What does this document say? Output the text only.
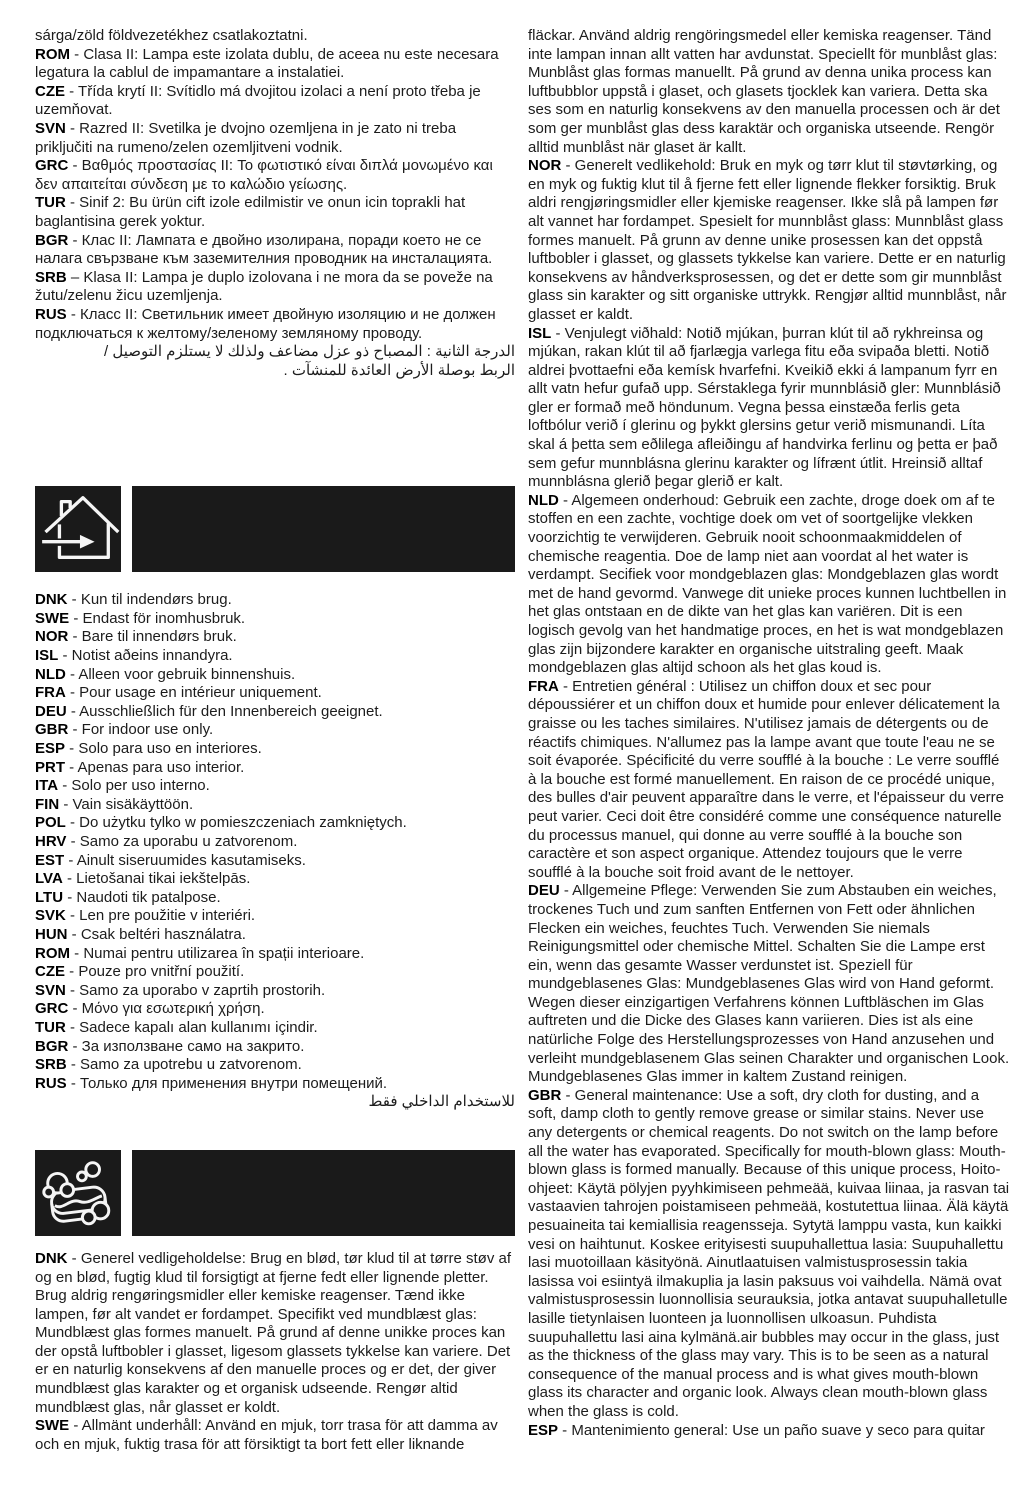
sárga/zöld földvezetékhez csatlakoztatni.

ROM - Clasa II: Lampa este izolata dublu, de aceea nu este necesara legatura la cablul de impamantare a instalatiei.

CZE - Třída krytí II: Svítidlo má dvojitou izolaci a není proto třeba je uzemňovat.

SVN - Razred II: Svetilka je dvojno ozemljena in je zato ni treba priključiti na rumeno/zelen ozemljitveni vodnik.

GRC - Βαθμός προστασίας II: Το φωτιστικό είναι διπλά μονωμένο και δεν απαιτείται σύνδεση με το καλώδιο γείωσης.

TUR - Sinif 2: Bu ürün cift izole edilmistir ve onun icin toprakli hat baglantisina gerek yoktur.

BGR - Клас II: Лампата е двойно изолирана, поради което не се налага свързване към заземителния проводник на инсталацията.

SRB – Klasa II: Lampa je duplo izolovana i ne mora da se poveže na žutu/zelenu žicu uzemljenja.

RUS - Класс II: Светильник имеет двойную изоляцию и не должен подключаться к желтому/зеленому земляному проводу.

الدرجة الثانية : المصباح ذو عزل مضاعف ولذلك لا يستلزم التوصيل /
الربط بوصلة الأرض العائدة للمنشآت .

DNK - Kun til indendørs brug.

SWE - Endast för inomhusbruk.

NOR - Bare til innendørs bruk.

ISL - Notist aðeins innandyra.

NLD - Alleen voor gebruik binnenshuis.

FRA - Pour usage en intérieur uniquement.

DEU - Ausschließlich für den Innenbereich geeignet.

GBR - For indoor use only.

ESP - Solo para uso en interiores.

PRT - Apenas para uso interior.

ITA - Solo per uso interno.

FIN - Vain sisäkäyttöön.

POL - Do użytku tylko w pomieszczeniach zamkniętych.

HRV - Samo za uporabu u zatvorenom.

EST - Ainult siseruumides kasutamiseks.

LVA - Lietošanai tikai iekštelpās.

LTU - Naudoti tik patalpose.

SVK - Len pre použitie v interiéri.

HUN - Csak beltéri használatra.

ROM - Numai pentru utilizarea în spații interioare.

CZE - Pouze pro vnitřní použití.

SVN - Samo za uporabo v zaprtih prostorih.

GRC - Μόνο για εσωτερική χρήση.

TUR - Sadece kapalı alan kullanımı içindir.

BGR - За използване само на закрито.

SRB - Samo za upotrebu u zatvorenom.

RUS - Только для применения внутри помещений.

للاستخدام الداخلي فقط

DNK - Generel vedligeholdelse: Brug en blød, tør klud til at tørre støv af og en blød, fugtig klud til forsigtigt at fjerne fedt eller lignende pletter. Brug aldrig rengøringsmidler eller kemiske reagenser. Tænd ikke lampen, før alt vandet er fordampet. Specifikt ved mundblæst glas: Mundblæst glas formes manuelt. På grund af denne unikke proces kan der opstå luftbobler i glasset, ligesom glassets tykkelse kan variere. Det er en naturlig konsekvens af den manuelle proces og er det, der giver mundblæst glas karakter og et organisk udseende. Rengør altid mundblæst glas, når glasset er koldt.

SWE - Allmänt underhåll: Använd en mjuk, torr trasa för att damma av och en mjuk, fuktig trasa för att försiktigt ta bort fett eller liknande

fläckar. Använd aldrig rengöringsmedel eller kemiska reagenser. Tänd inte lampan innan allt vatten har avdunstat. Speciellt för munblåst glas: Munblåst glas formas manuellt. På grund av denna unika process kan luftbubblor uppstå i glaset, och glasets tjocklek kan variera. Detta ska ses som en naturlig konsekvens av den manuella processen och är det som ger munblåst glas dess karaktär och organiska utseende. Rengör alltid munblåst när glaset är kallt.

NOR - Generelt vedlikehold: Bruk en myk og tørr klut til støvtørking, og en myk og fuktig klut til å fjerne fett eller lignende flekker forsiktig. Bruk aldri rengjøringsmidler eller kjemiske reagenser. Ikke slå på lampen før alt vannet har fordampet. Spesielt for munnblåst glass: Munnblåst glass formes manuelt. På grunn av denne unike prosessen kan det oppstå luftbobler i glasset, og glassets tykkelse kan variere. Dette er en naturlig konsekvens av håndverksprosessen, og det er dette som gir munnblåst glass sin karakter og sitt organiske uttrykk. Rengjør alltid munnblåst, når glasset er kaldt.

ISL - Venjulegt viðhald: Notið mjúkan, þurran klút til að rykhreinsa og mjúkan, rakan klút til að fjarlægja varlega fitu eða svipaða bletti. Notið aldrei þvottaefni eða kemísk hvarfefni. Kveikið ekki á lampanum fyrr en allt vatn hefur gufað upp. Sérstaklega fyrir munnblásið gler: Munnblásið gler er formað með höndunum. Vegna þessa einstæða ferlis geta loftbólur verið í glerinu og þykkt glersins getur verið mismunandi. Líta skal á þetta sem eðlilega afleiðingu af handvirka ferlinu og þetta er það sem gefur munnblásna glerinu karakter og lífrænt útlit. Hreinsið alltaf munnblásna glerið þegar glerið er kalt.

NLD - Algemeen onderhoud: Gebruik een zachte, droge doek om af te stoffen en een zachte, vochtige doek om vet of soortgelijke vlekken voorzichtig te verwijderen. Gebruik nooit schoonmaakmiddelen of chemische reagentia. Doe de lamp niet aan voordat al het water is verdampt. Secifiek voor mondgeblazen glas: Mondgeblazen glas wordt met de hand gevormd. Vanwege dit unieke proces kunnen luchtbellen in het glas ontstaan en de dikte van het glas kan variëren. Dit is een logisch gevolg van het handmatige proces, en het is wat mondgeblazen glas zijn bijzondere karakter en organische uitstraling geeft. Maak mondgeblazen glas altijd schoon als het glas koud is.

FRA - Entretien général : Utilisez un chiffon doux et sec pour dépoussiérer et un chiffon doux et humide pour enlever délicatement la graisse ou les taches similaires. N'utilisez jamais de détergents ou de réactifs chimiques. N'allumez pas la lampe avant que toute l'eau ne se soit évaporée. Spécificité du verre soufflé à la bouche : Le verre soufflé à la bouche est formé manuellement. En raison de ce procédé unique, des bulles d'air peuvent apparaître dans le verre, et l'épaisseur du verre peut varier. Ceci doit être considéré comme une conséquence naturelle du processus manuel, qui donne au verre soufflé à la bouche son caractère et son aspect organique. Attendez toujours que le verre soufflé à la bouche soit froid avant de le nettoyer.

DEU - Allgemeine Pflege: Verwenden Sie zum Abstauben ein weiches, trockenes Tuch und zum sanften Entfernen von Fett oder ähnlichen Flecken ein weiches, feuchtes Tuch. Verwenden Sie niemals Reinigungsmittel oder chemische Mittel. Schalten Sie die Lampe erst ein, wenn das gesamte Wasser verdunstet ist. Speziell für mundgeblasenes Glas: Mundgeblasenes Glas wird von Hand geformt. Wegen dieser einzigartigen Verfahrens können Luftbläschen im Glas auftreten und die Dicke des Glases kann variieren. Dies ist als eine natürliche Folge des Herstellungsprozesses von Hand anzusehen und verleiht mundgeblasenem Glas seinen Charakter und organischen Look. Mundgeblasenes Glas immer in kaltem Zustand reinigen.

GBR - General maintenance: Use a soft, dry cloth for dusting, and a soft, damp cloth to gently remove grease or similar stains. Never use any detergents or chemical reagents. Do not switch on the lamp before all the water has evaporated. Specifically for mouth-blown glass: Mouth-blown glass is formed manually. Because of this unique process, Hoito-ohjeet: Käytä pölyjen pyyhkimiseen pehmeää, kuivaa liinaa, ja rasvan tai vastaavien tahrojen poistamiseen pehmeää, kostutettua liinaa. Älä käytä pesuaineita tai kemiallisia reagensseja. Sytytä lamppu vasta, kun kaikki vesi on haihtunut. Koskee erityisesti suupuhallettua lasia: Suupuhallettu lasi muotoillaan käsityönä. Ainutlaatuisen valmistusprosessin takia lasissa voi esiintyä ilmakuplia ja lasin paksuus voi vaihdella. Nämä ovat valmistusprosessin luonnollisia seurauksia, jotka antavat suupuhalletulle lasille tietynlaisen luonteen ja luonnollisen ulkoasun. Puhdista suupuhallettu lasi aina kylmänä.air bubbles may occur in the glass, just as the thickness of the glass may vary. This is to be seen as a natural consequence of the manual process and is what gives mouth-blown glass its character and organic look. Always clean mouth-blown glass when the glass is cold.

ESP - Mantenimiento general: Use un paño suave y seco para quitar
